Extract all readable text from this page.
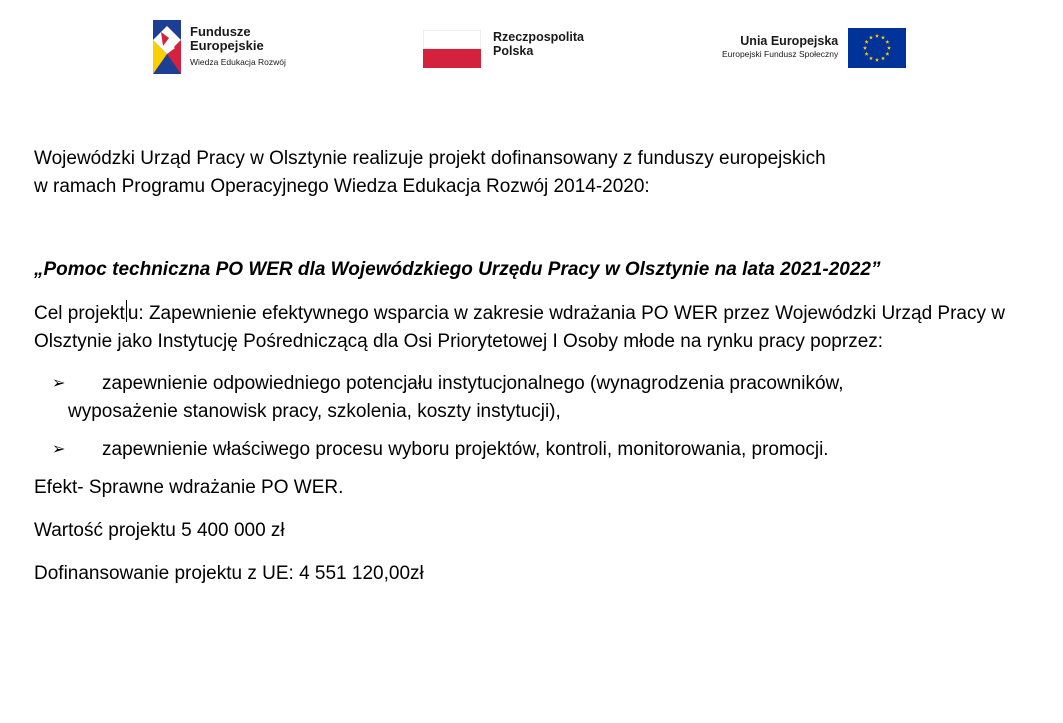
Fundusze
Europejskie
Wiedza Edukacja Rozwój
Rzeczpospolita
Polska
Unia Europejska
Europejski Fundusz Społeczny

Wojewódzki Urząd Pracy w Olsztynie realizuje projekt dofinansowany z funduszy europejskich
w ramach Programu Operacyjnego Wiedza Edukacja Rozwój 2014-2020:

„Pomoc techniczna PO WER dla Wojewódzkiego Urzędu Pracy w Olsztynie na lata 2021-2022”

Cel projekt u: Zapewnienie efektywnego wsparcia w zakresie wdrażania PO WER przez Wojewódzki Urząd Pracy w Olsztynie jako Instytucję Pośredniczącą dla Osi Priorytetowej I Osoby młode na rynku pracy poprzez:

➢ zapewnienie odpowiedniego potencjału instytucjonalnego (wynagrodzenia pracowników,
wyposażenie stanowisk pracy, szkolenia, koszty instytucji),
➢ zapewnienie właściwego procesu wyboru projektów, kontroli, monitorowania, promocji.

Efekt- Sprawne wdrażanie PO WER.

Wartość projektu 5 400 000 zł

Dofinansowanie projektu z UE: 4 551 120,00zł
